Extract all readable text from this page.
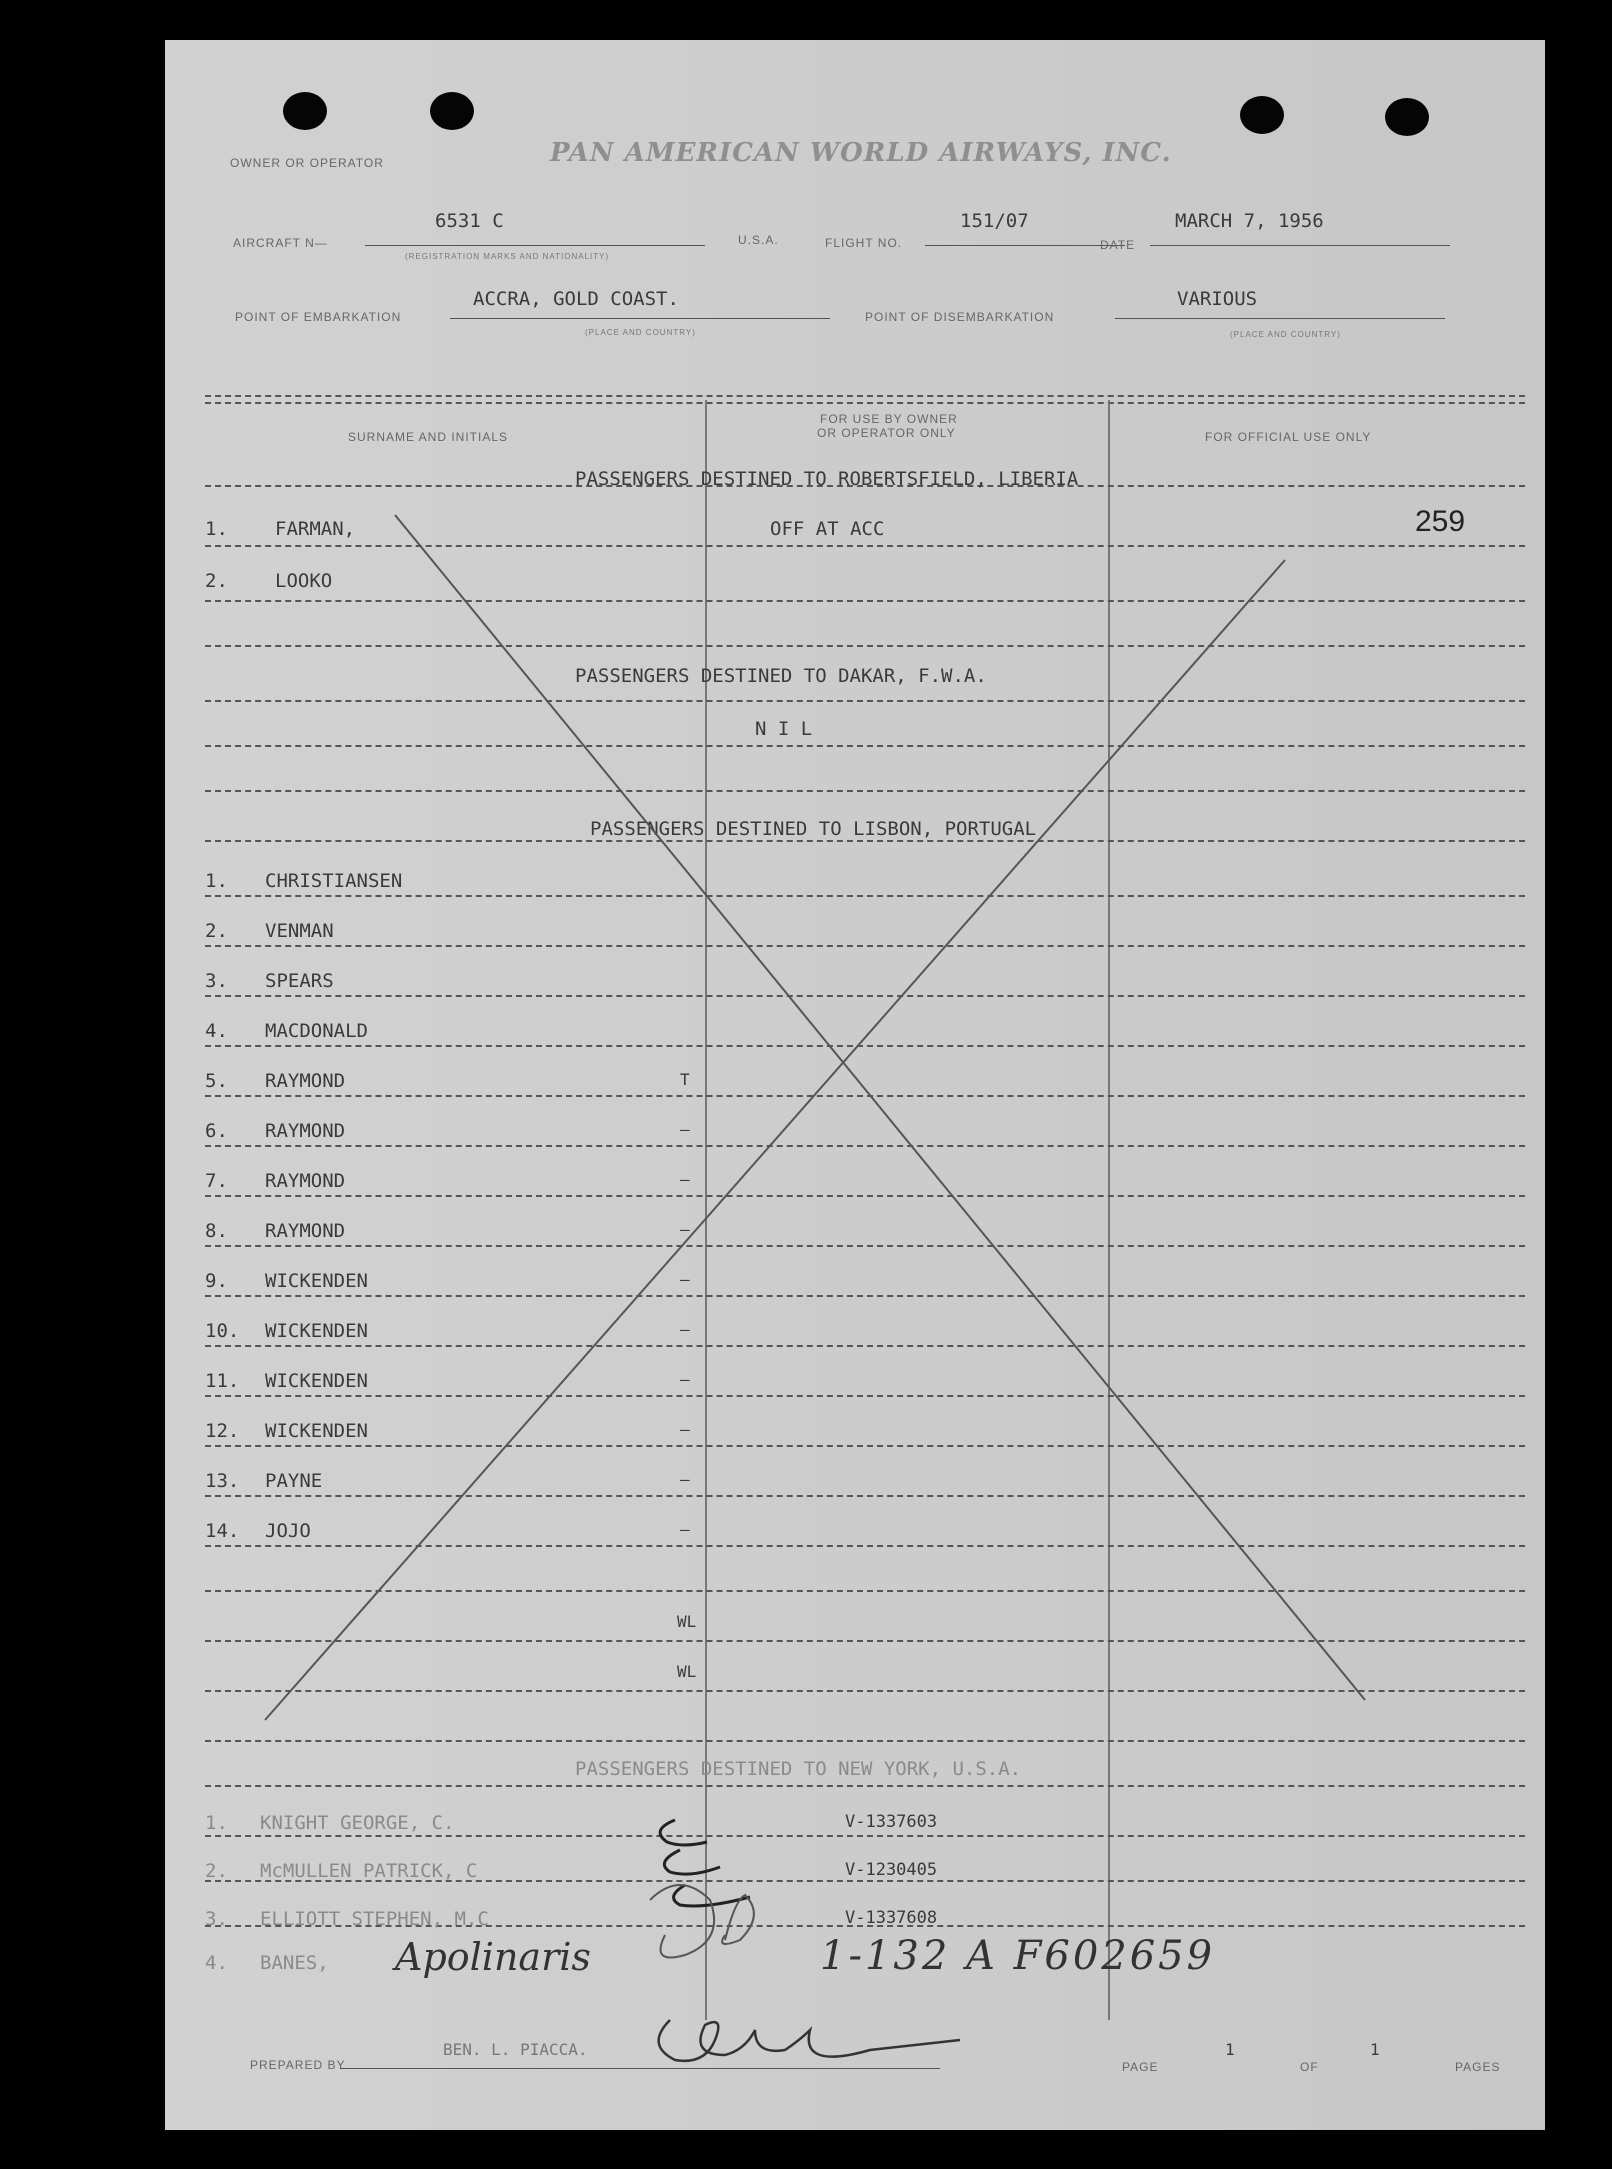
OWNER OR OPERATOR	PAN AMERICAN WORLD AIRWAYS, INC.
AIRCRAFT N—
6531 C
(REGISTRATION MARKS AND NATIONALITY)
U.S.A.	FLIGHT NO.
151/07
DATE
MARCH 7, 1956
POINT OF EMBARKATION
ACCRA, GOLD COAST.
(PLACE AND COUNTRY)
POINT OF DISEMBARKATION
VARIOUS
(PLACE AND COUNTRY)
SURNAME AND INITIALS
FOR USE BY OWNER
OR OPERATOR ONLY	FOR OFFICIAL USE ONLY
PASSENGERS DESTINED TO ROBERTSFIELD, LIBERIA
1. FARMAN,	OFF AT ACC	259
2. LOOKO
PASSENGERS DESTINED TO DAKAR, F.W.A.
N I L
PASSENGERS DESTINED TO LISBON, PORTUGAL
1. CHRISTIANSEN
2. VENMAN
3. SPEARS
4. MACDONALD
5. RAYMOND	T
6. RAYMOND	—
7. RAYMOND	—
8. RAYMOND	—
9. WICKENDEN	—
10. WICKENDEN	—
11. WICKENDEN	—
12. WICKENDEN	—
13. PAYNE	—
14. JOJO	—
WL
WL
PASSENGERS DESTINED TO NEW YORK, U.S.A.
1. KNIGHT GEORGE, C.	V-1337603
2. McMULLEN PATRICK, C	V-1230405
3. ELLIOTT STEPHEN, M.C	V-1337608
4. BANES, Apolinaris	1-132 A F602659
PREPARED BY
BEN. L. PIACCA.
PAGE
1
OF
1
PAGES
